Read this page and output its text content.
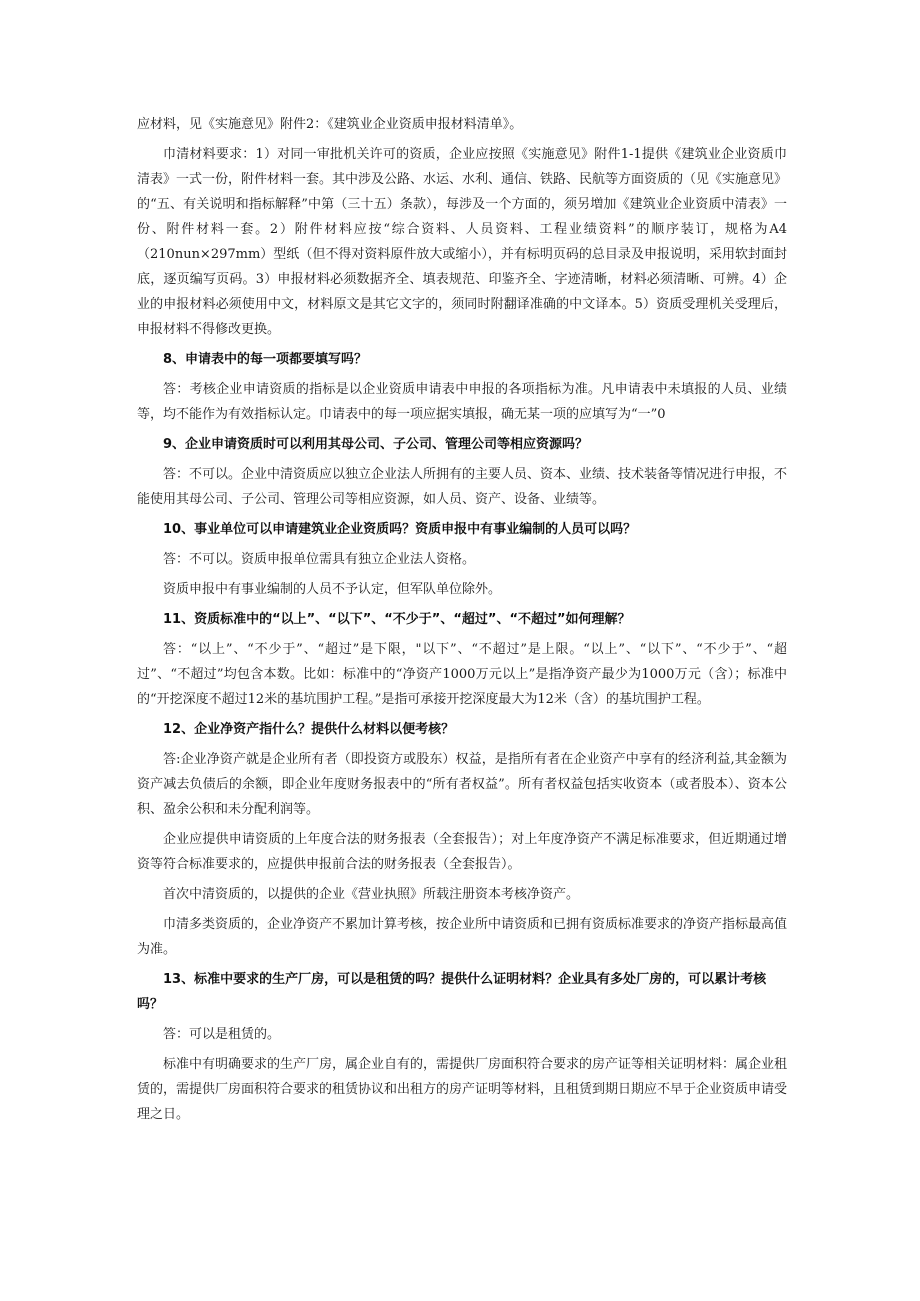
应材料，见《实施意见》附件2：《建筑业企业资质申报材料清单》。

巾清材料要求：1）对同一审批机关许可的资质，企业应按照《实施意见》附件1-1提供《建筑业企业资质巾清表》一式一份，附件材料一套。其中涉及公路、水运、水利、通信、铁路、民航等方面资质的（见《实施意见》的“五、有关说明和指标解释”中第（三十五）条款），每涉及一个方面的，须另増加《建筑业企业资质中清表》一份、附件材料一套。2）附件材料应按“综合资料、人员资料、工程业绩资料”的顺序装订，规格为A4（210nun×297mm）型纸（但不得对资料原件放大或缩小），并有标明页码的总目录及申报说明，采用软封面封底，逐页编写页码。3）申报材料必须数据齐全、填表规范、印鉴齐全、字迹清晰，材料必须清晰、可辨。4）企业的申报材料必须使用中文，材料原文是其它文字的，须同时附翻译准确的中文译本。5）资质受理机关受理后，申报材料不得修改更换。

8、申请表中的每一项都要填写吗？

答：考核企业申请资质的指标是以企业资质申请表中申报的各项指标为准。凡申请表中未填报的人员、业绩等，均不能作为有效指标认定。巾请表中的每一项应据实填报，确无某一项的应填写为“一”0

9、企业申请资质时可以利用其母公司、子公司、管理公司等相应资源吗？

答：不可以。企业中清资质应以独立企业法人所拥有的主要人员、资本、业绩、技术装备等情况进行申报，不能使用其母公司、子公司、管理公司等相应资源，如人员、资产、设备、业绩等。

10、事业单位可以申请建筑业企业资质吗？资质申报中有事业编制的人员可以吗？

答：不可以。资质申报单位需具有独立企业法人资格。

资质申报中有事业编制的人员不予认定，但军队单位除外。

11、资质标准中的“以上”、“以下”、“不少于”、“超过”、“不超过”如何理解？

答：“以上”、“不少于”、“超过”是下限，"以下”、“不超过”是上限。“以上”、“以下”、“不少于”、“超过”、“不超过”均包含本数。比如：标准中的“净资产1000万元以上”是指净资产最少为1000万元（含）；标准中的“开挖深度不超过12米的基坑围护工程。”是指可承接开挖深度最大为12米（含）的基坑围护工程。

12、企业净资产指什么？提供什么材料以便考核？

答:企业净资产就是企业所有者（即投资方或股东）权益，是指所有者在企业资产中享有的经济利益,其金额为资产减去负债后的余额，即企业年度财务报表中的“所有者权益”。所有者权益包括实收资本（或者股本）、资本公积、盈余公积和未分配利润等。

企业应提供申请资质的上年度合法的财务报表（全套报告）；对上年度净资产不满足标准要求，但近期通过增资等符合标准要求的，应提供申报前合法的财务报表（全套报告）。

首次中清资质的，以提供的企业《营业执照》所载注册资本考核净资产。

巾清多类资质的，企业净资产不累加计算考核，按企业所中请资质和已拥有资质标准要求的净资产指标最高值为准。

13、标准中要求的生产厂房，可以是租赁的吗？提供什么证明材料？企业具有多处厂房的，可以累计考核吗？

答：可以是租赁的。

标准中有明确要求的生产厂房，属企业自有的，需提供厂房面积符合要求的房产证等相关证明材料：属企业租赁的，需提供厂房面积符合要求的租赁协议和出租方的房产证明等材料，且租赁到期日期应不早于企业资质申请受理之日。
